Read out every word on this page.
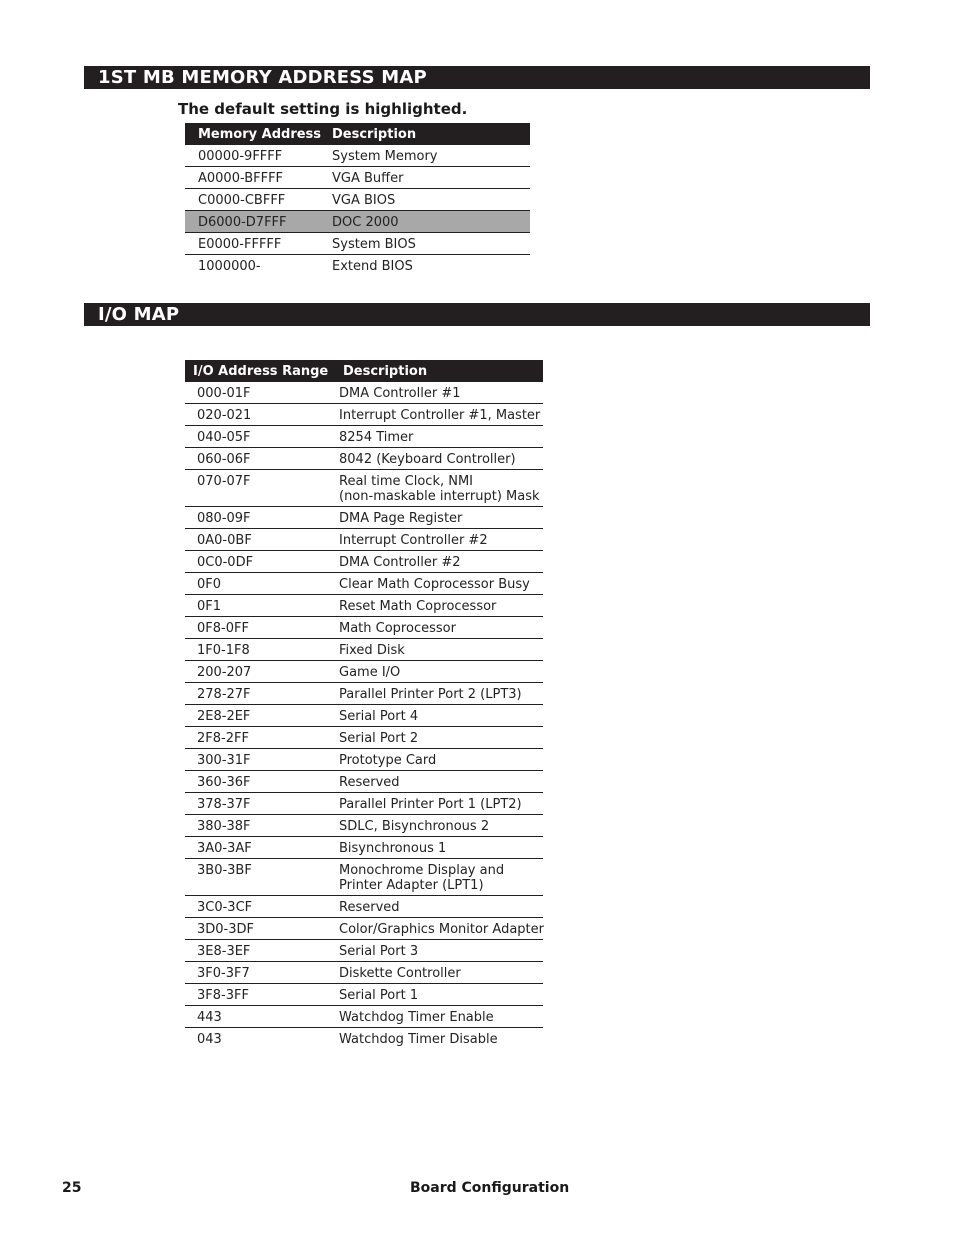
1ST MB MEMORY ADDRESS MAP
The default setting is highlighted.
Memory Address Description
00000-9FFFF	System Memory
A0000-BFFFF	VGA Buffer
C0000-CBFFF	VGA BIOS
D6000-D7FFF	DOC 2000
E0000-FFFFF	System BIOS
1000000-	Extend BIOS
I/O MAP
I/O Address Range Description
000-01F	DMA Controller #1
020-021	Interrupt Controller #1, Master
040-05F	8254 Timer
060-06F	8042 (Keyboard Controller)
070-07F	Real time Clock, NMI
(non-maskable interrupt) Mask
080-09F	DMA Page Register
0A0-0BF	Interrupt Controller #2
0C0-0DF	DMA Controller #2
0F0	Clear Math Coprocessor Busy
0F1	Reset Math Coprocessor
0F8-0FF	Math Coprocessor
1F0-1F8	Fixed Disk
200-207	Game I/O
278-27F	Parallel Printer Port 2 (LPT3)
2E8-2EF	Serial Port 4
2F8-2FF	Serial Port 2
300-31F	Prototype Card
360-36F	Reserved
378-37F	Parallel Printer Port 1 (LPT2)
380-38F	SDLC, Bisynchronous 2
3A0-3AF	Bisynchronous 1
3B0-3BF	Monochrome Display and
Printer Adapter (LPT1)
3C0-3CF	Reserved
3D0-3DF	Color/Graphics Monitor Adapter
3E8-3EF	Serial Port 3
3F0-3F7	Diskette Controller
3F8-3FF	Serial Port 1
443	Watchdog Timer Enable
043	Watchdog Timer Disable
25	Board Configuration
